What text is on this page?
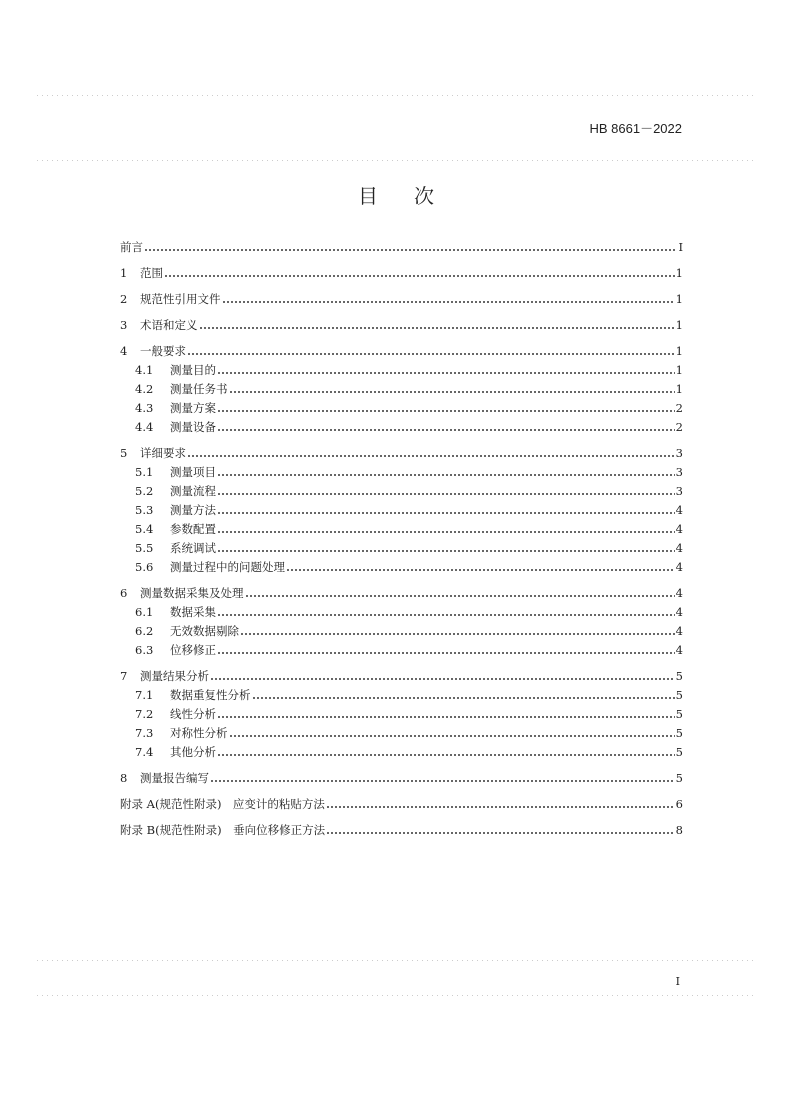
HB 8661－2022
目次
前言	I
1	范围	1
2	规范性引用文件	1
3	术语和定义	1
4	一般要求	1
4.1	测量目的	1
4.2	测量任务书	1
4.3	测量方案	2
4.4	测量设备	2
5	详细要求	3
5.1	测量项目	3
5.2	测量流程	3
5.3	测量方法	4
5.4	参数配置	4
5.5	系统调试	4
5.6	测量过程中的问题处理	4
6	测量数据采集及处理	4
6.1	数据采集	4
6.2	无效数据剔除	4
6.3	位移修正	4
7	测量结果分析	5
7.1	数据重复性分析	5
7.2	线性分析	5
7.3	对称性分析	5
7.4	其他分析	5
8	测量报告编写	5
附录 A(规范性附录)　应变计的粘贴方法	6
附录 B(规范性附录)　垂向位移修正方法	8
I
